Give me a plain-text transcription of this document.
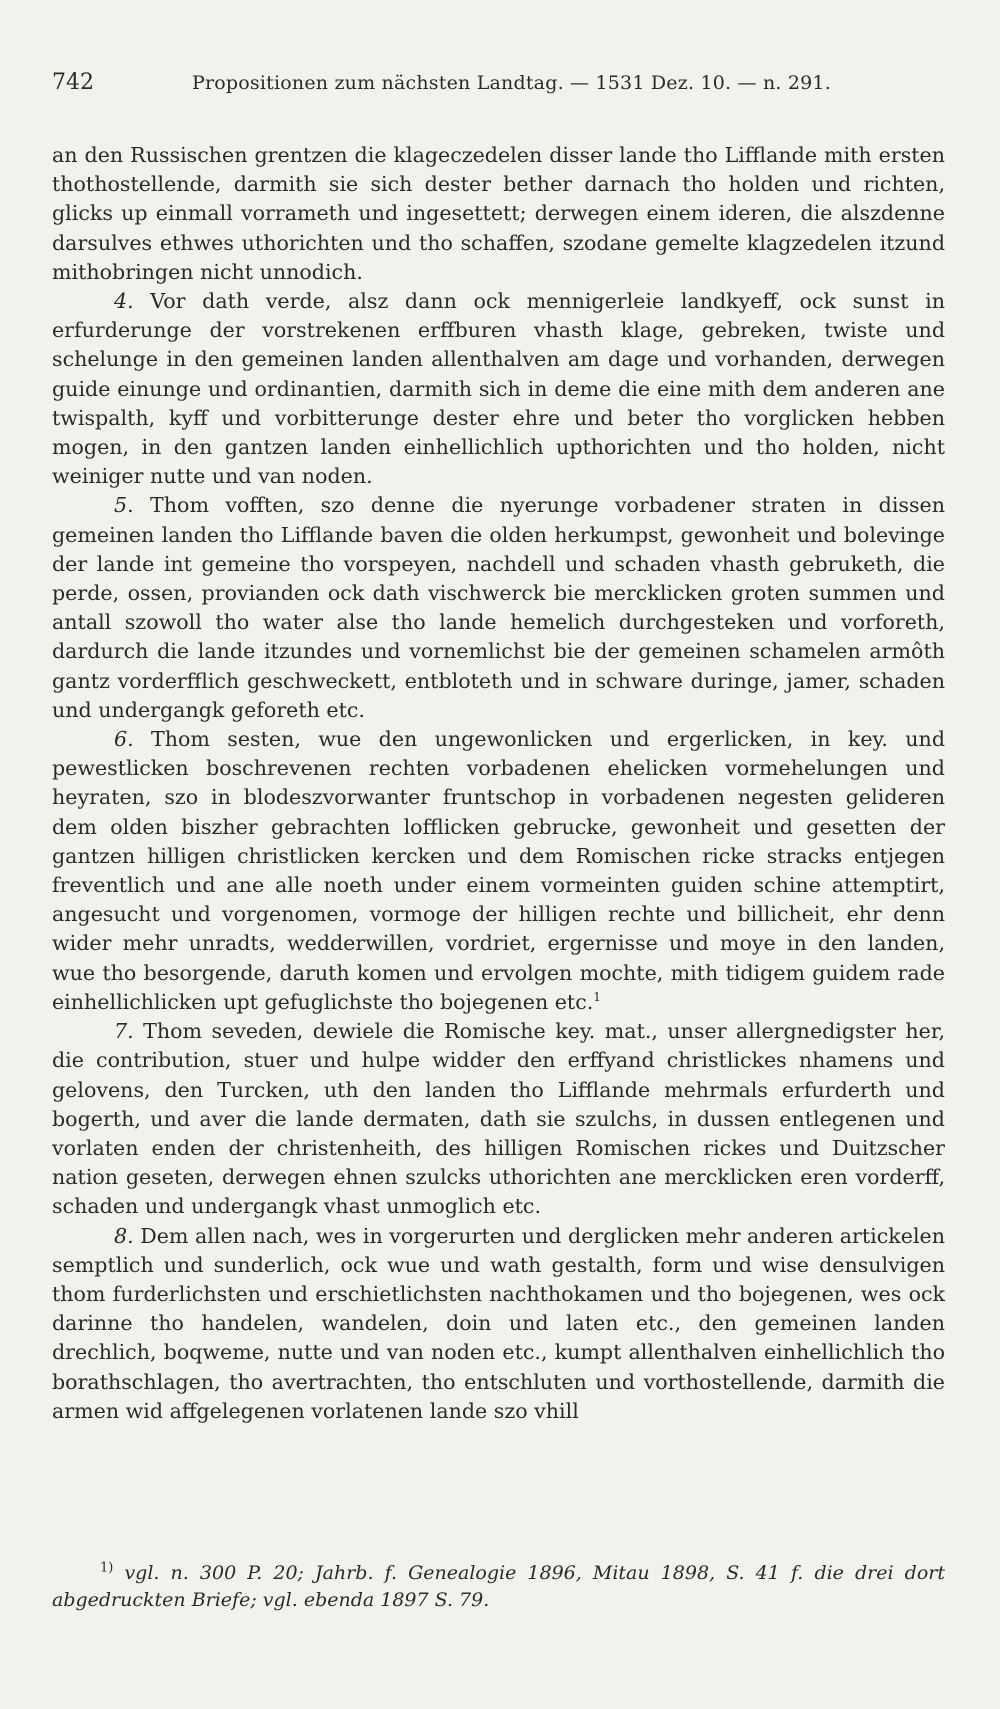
742	Propositionen zum nächsten Landtag. — 1531 Dez. 10. — n. 291.

an den Russischen grentzen die klageczedelen disser lande tho Lifflande mith ersten thothostellende, darmith sie sich dester bether darnach tho holden und richten, glicks up einmall vorrameth und ingesettett; derwegen einem ideren, die alszdenne darsulves ethwes uthorichten und tho schaffen, szodane gemelte klagzedelen itzund mithobringen nicht unnodich.

4. Vor dath verde, alsz dann ock mennigerleie landkyeff, ock sunst in erfurderunge der vorstrekenen erffburen vhasth klage, gebreken, twiste und schelunge in den gemeinen landen allenthalven am dage und vorhanden, derwegen guide einunge und ordinantien, darmith sich in deme die eine mith dem anderen ane twispalth, kyff und vorbitterunge dester ehre und beter tho vorglicken hebben mogen, in den gantzen landen einhellichlich upthorichten und tho holden, nicht weiniger nutte und van noden.

5. Thom vofften, szo denne die nyerunge vorbadener straten in dissen gemeinen landen tho Lifflande baven die olden herkumpst, gewonheit und bolevinge der lande int gemeine tho vorspeyen, nachdell und schaden vhasth gebruketh, die perde, ossen, provianden ock dath vischwerck bie mercklicken groten summen und antall szowoll tho water alse tho lande hemelich durchgesteken und vorforeth, dardurch die lande itzundes und vornemlichst bie der gemeinen schamelen armôth gantz vorderfflich geschweckett, entbloteth und in schware duringe, jamer, schaden und undergangk geforeth etc.

6. Thom sesten, wue den ungewonlicken und ergerlicken, in key. und pewestlicken boschrevenen rechten vorbadenen ehelicken vormehelungen und heyraten, szo in blodeszvorwanter fruntschop in vorbadenen negesten gelideren dem olden biszher gebrachten lofflicken gebrucke, gewonheit und gesetten der gantzen hilligen christlicken kercken und dem Romischen ricke stracks entjegen freventlich und ane alle noeth under einem vormeinten guiden schine attemptirt, angesucht und vorgenomen, vormoge der hilligen rechte und billicheit, ehr denn wider mehr unradts, wedderwillen, vordriet, ergernisse und moye in den landen, wue tho besorgende, daruth komen und ervolgen mochte, mith tidigem guidem rade einhellichlicken upt gefuglichste tho bojegenen etc.$^1$

7. Thom seveden, dewiele die Romische key. mat., unser allergnedigster her, die contribution, stuer und hulpe widder den erffyand christlickes nhamens und gelovens, den Turcken, uth den landen tho Lifflande mehrmals erfurderth und bogerth, und aver die lande dermaten, dath sie szulchs, in dussen entlegenen und vorlaten enden der christenheith, des hilligen Romischen rickes und Duitzscher nation geseten, derwegen ehnen szulcks uthorichten ane mercklicken eren vorderff, schaden und undergangk vhast unmoglich etc.

8. Dem allen nach, wes in vorgerurten und derglicken mehr anderen artickelen semptlich und sunderlich, ock wue und wath gestalth, form und wise densulvigen thom furderlichsten und erschietlichsten nachthokamen und tho bojegenen, wes ock darinne tho handelen, wandelen, doin und laten etc., den gemeinen landen drechlich, boqweme, nutte und van noden etc., kumpt allenthalven einhellichlich tho borathschlagen, tho avertrachten, tho entschluten und vorthostellende, darmith die armen wid affgelegenen vorlatenen lande szo vhill

$^{1)}$ vgl. n. 300 P. 20; Jahrb. f. Genealogie 1896, Mitau 1898, S. 41 f. die drei dort abgedruckten Briefe; vgl. ebenda 1897 S. 79.
